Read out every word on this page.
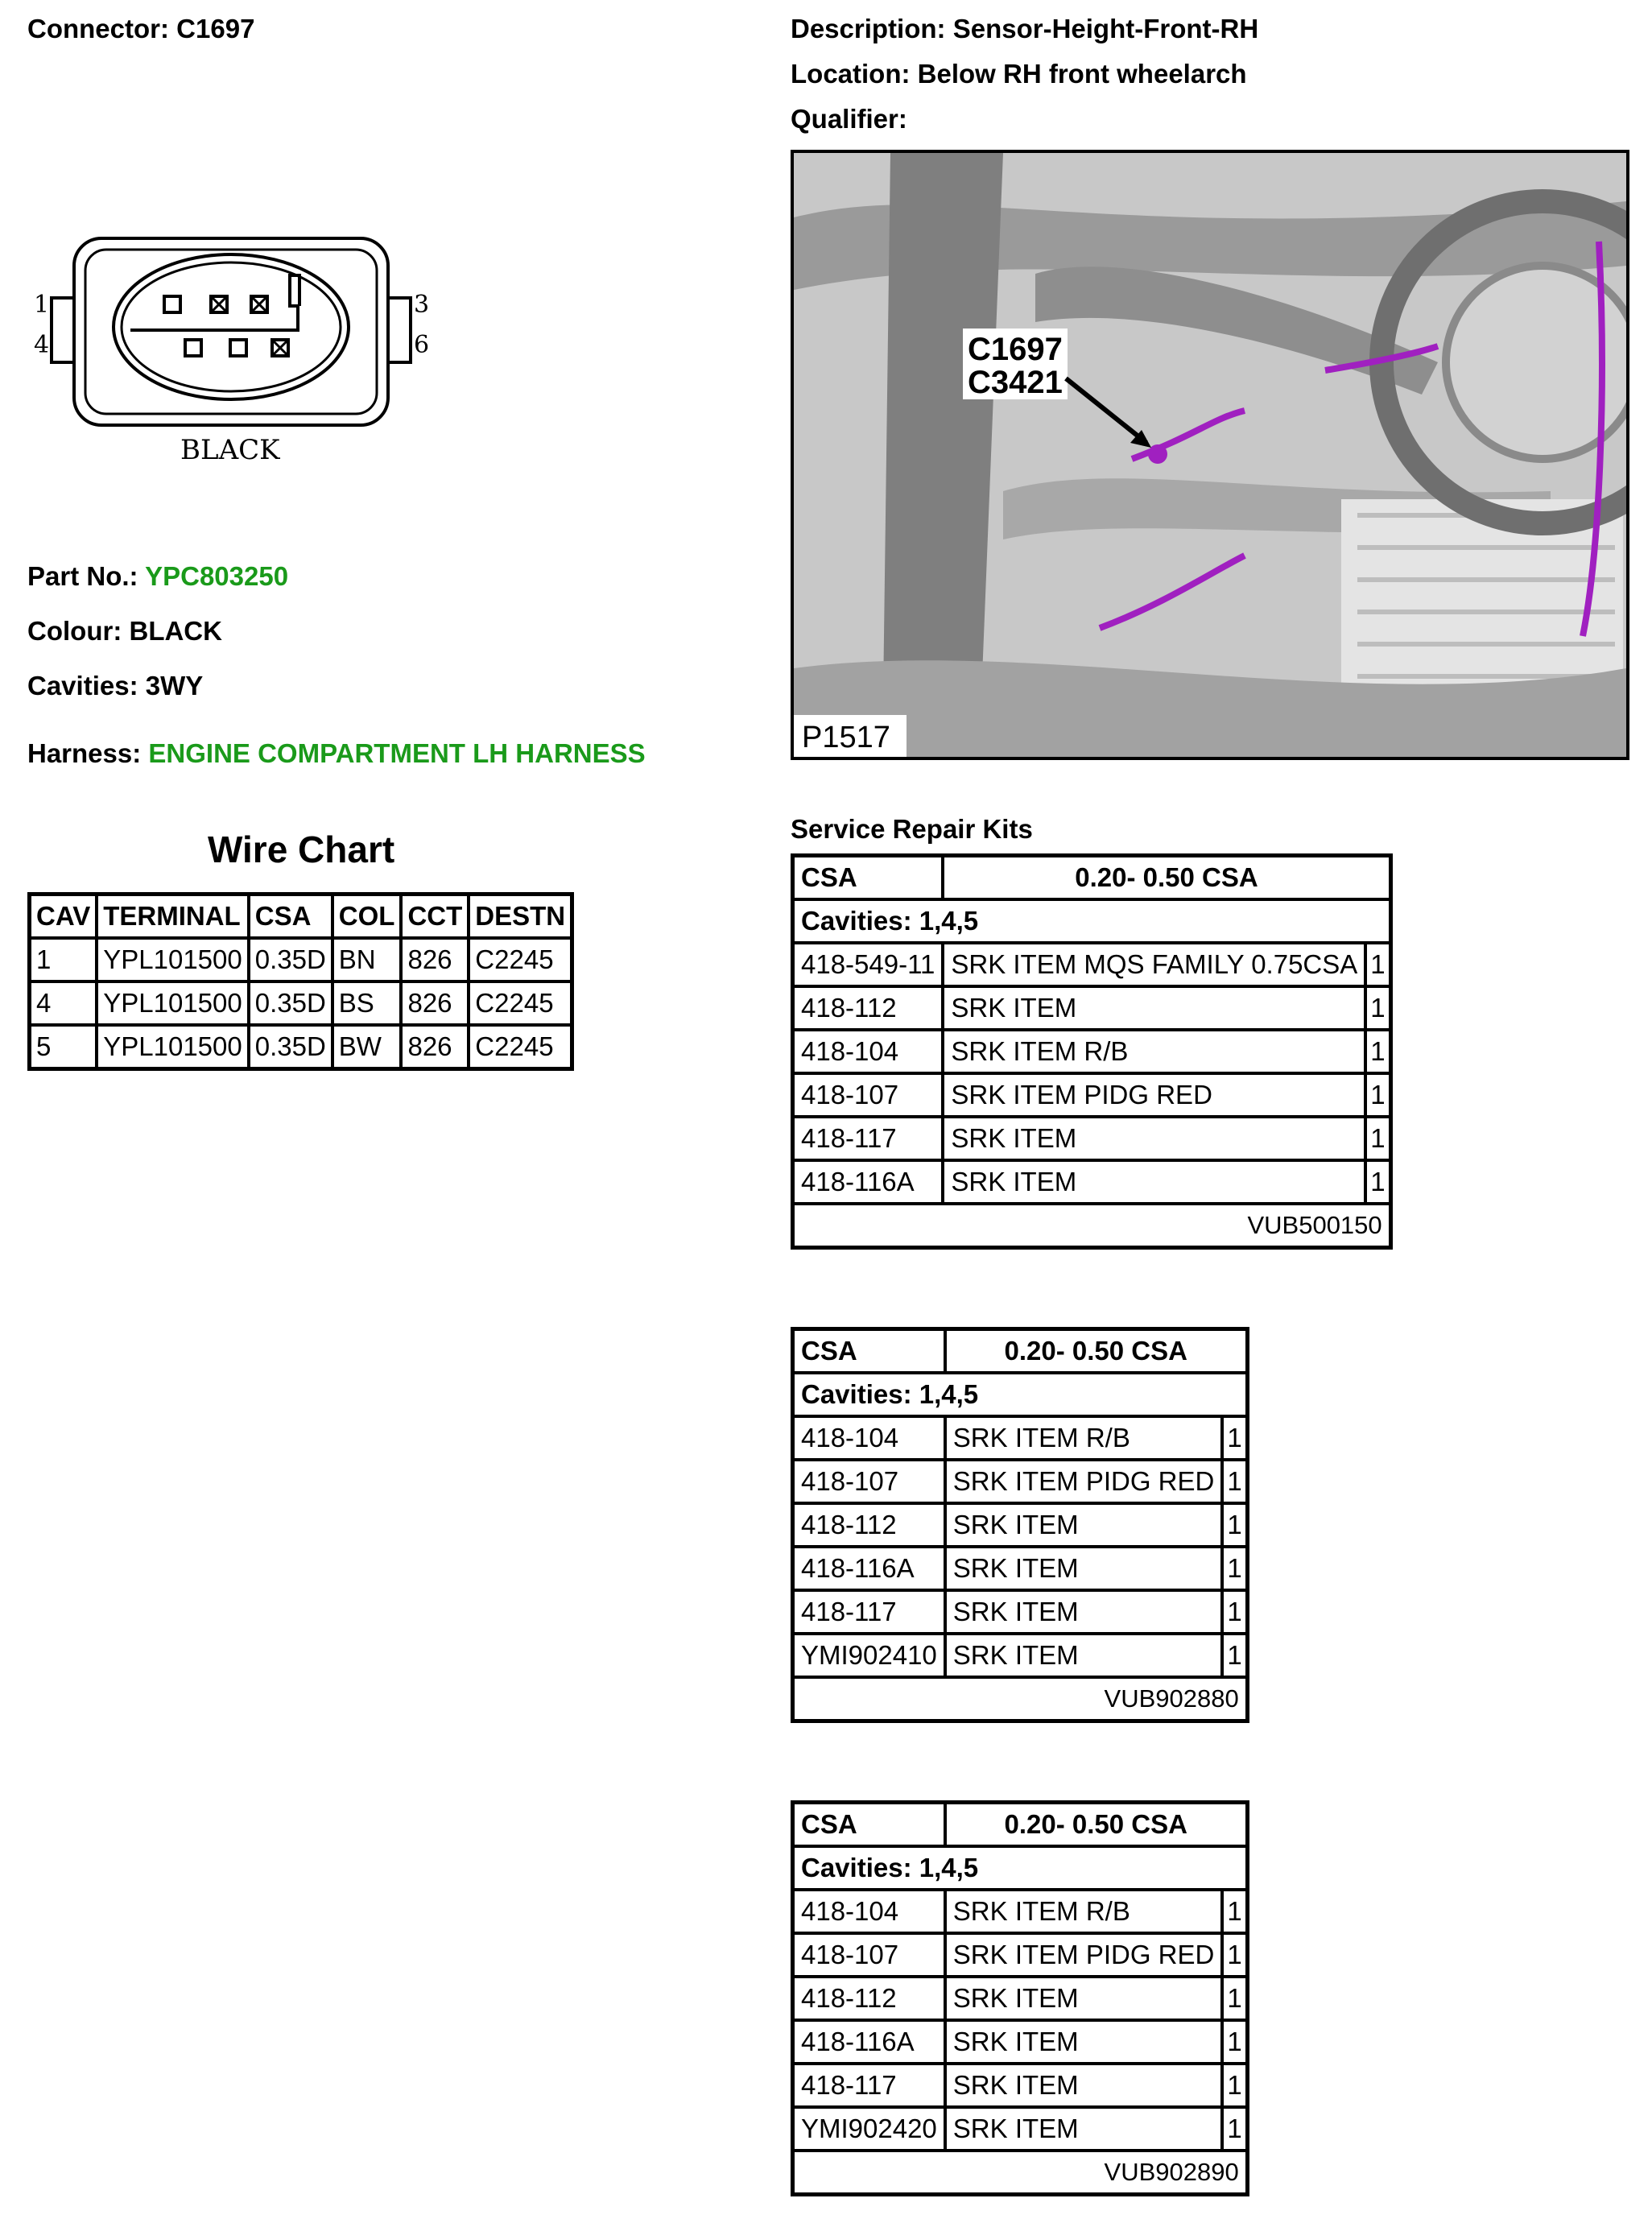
Connector: C1697	Description: Sensor-Height-Front-RH
Location: Below RH front wheelarch
Qualifier:
1
4
3
6
BLACK
Part No.: YPC803250
Colour: BLACK
Cavities: 3WY
Harness: ENGINE COMPARTMENT LH HARNESS
C1697
C3421
P1517
Wire Chart
CAV	TERMINAL	CSA	COL	CCT	DESTN
1	YPL101500	0.35D	BN	826	C2245
4	YPL101500	0.35D	BS	826	C2245
5	YPL101500	0.35D	BW	826	C2245
Service Repair Kits
CSA	0.20- 0.50 CSA	
Cavities: 1,4,5		
418-549-11	SRK ITEM MQS FAMILY 0.75CSA	1
418-112	SRK ITEM	1
418-104	SRK ITEM R/B	1
418-107	SRK ITEM PIDG RED	1
418-117	SRK ITEM	1
418-116A	SRK ITEM	1
VUB500150		
CSA	0.20- 0.50 CSA	
Cavities: 1,4,5		
418-104	SRK ITEM R/B	1
418-107	SRK ITEM PIDG RED	1
418-112	SRK ITEM	1
418-116A	SRK ITEM	1
418-117	SRK ITEM	1
YMI902410	SRK ITEM	1
VUB902880		
CSA	0.20- 0.50 CSA	
Cavities: 1,4,5		
418-104	SRK ITEM R/B	1
418-107	SRK ITEM PIDG RED	1
418-112	SRK ITEM	1
418-116A	SRK ITEM	1
418-117	SRK ITEM	1
YMI902420	SRK ITEM	1
VUB902890		
